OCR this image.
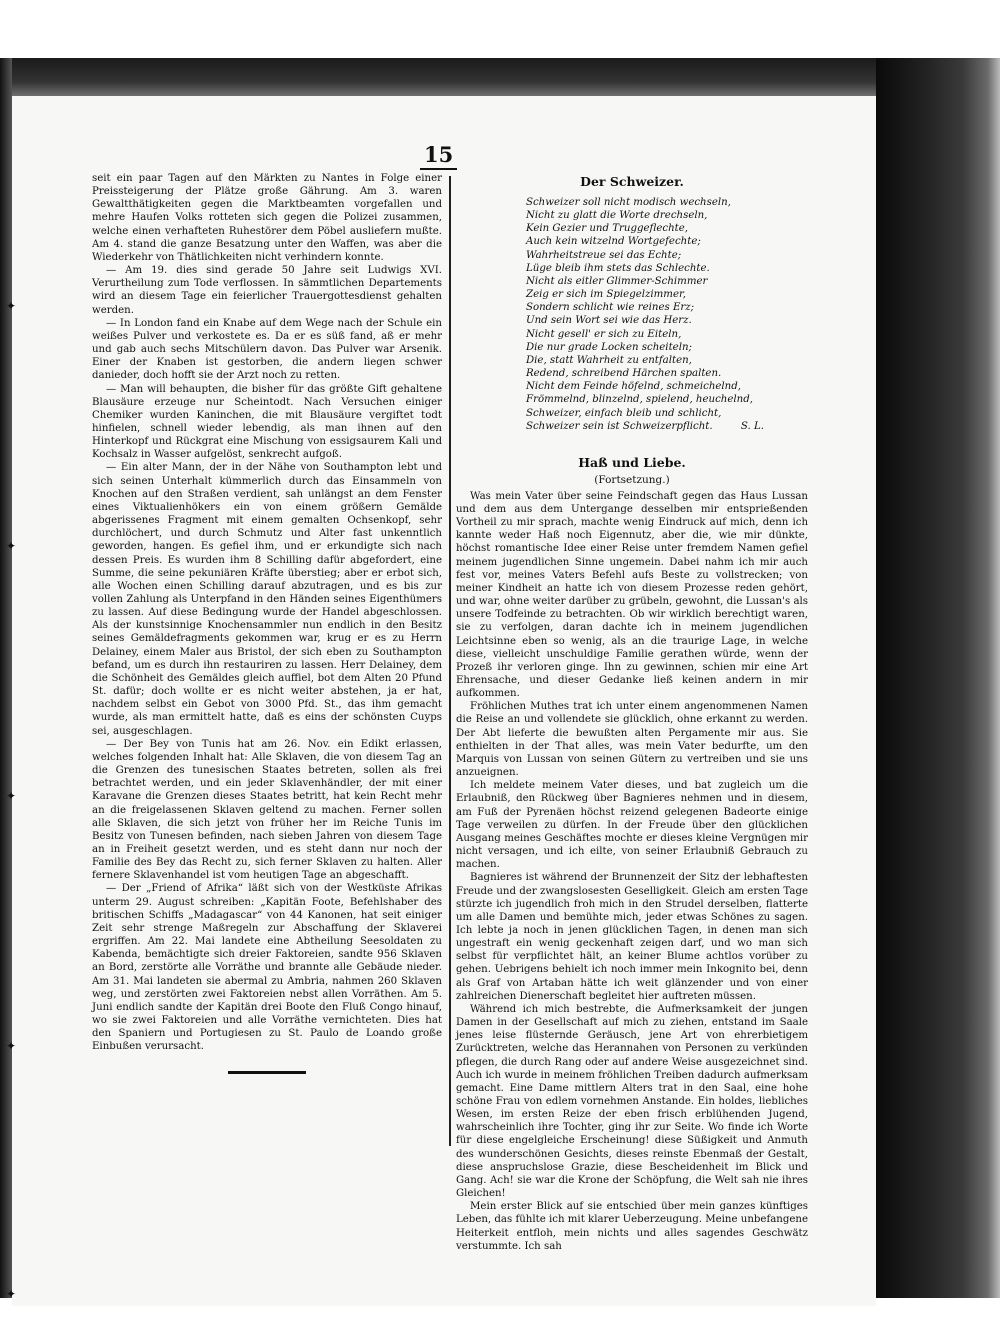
✦
✦
✦
✦
✦
15

seit ein paar Tagen auf den Märkten zu Nantes in Folge einer Preissteigerung der Plätze große Gährung. Am 3. waren Gewaltthätigkeiten gegen die Marktbeamten vorgefallen und mehre Haufen Volks rotteten sich gegen die Polizei zusammen, welche einen verhafteten Ruhestörer dem Pöbel ausliefern mußte. Am 4. stand die ganze Besatzung unter den Waffen, was aber die Wiederkehr von Thätlichkeiten nicht verhindern konnte.

— Am 19. dies sind gerade 50 Jahre seit Ludwigs XVI. Verurtheilung zum Tode verflossen. In sämmtlichen Departements wird an diesem Tage ein feierlicher Trauergottesdienst gehalten werden.

— In London fand ein Knabe auf dem Wege nach der Schule ein weißes Pulver und verkostete es. Da er es süß fand, aß er mehr und gab auch sechs Mitschülern davon. Das Pulver war Arsenik. Einer der Knaben ist gestorben, die andern liegen schwer danieder, doch hofft sie der Arzt noch zu retten.

— Man will behaupten, die bisher für das größte Gift gehaltene Blausäure erzeuge nur Scheintodt. Nach Versuchen einiger Chemiker wurden Kaninchen, die mit Blausäure vergiftet todt hinfielen, schnell wieder lebendig, als man ihnen auf den Hinterkopf und Rückgrat eine Mischung von essigsaurem Kali und Kochsalz in Wasser aufgelöst, senkrecht aufgoß.

— Ein alter Mann, der in der Nähe von Southampton lebt und sich seinen Unterhalt kümmerlich durch das Einsammeln von Knochen auf den Straßen verdient, sah unlängst an dem Fenster eines Viktualienhökers ein von einem größern Gemälde abgerissenes Fragment mit einem gemalten Ochsenkopf, sehr durchlöchert, und durch Schmutz und Alter fast unkenntlich geworden, hangen. Es gefiel ihm, und er erkundigte sich nach dessen Preis. Es wurden ihm 8 Schilling dafür abgefordert, eine Summe, die seine pekuniären Kräfte überstieg; aber er erbot sich, alle Wochen einen Schilling darauf abzutragen, und es bis zur vollen Zahlung als Unterpfand in den Händen seines Eigenthümers zu lassen. Auf diese Bedingung wurde der Handel abgeschlossen. Als der kunstsinnige Knochensammler nun endlich in den Besitz seines Gemäldefragments gekommen war, krug er es zu Herrn Delainey, einem Maler aus Bristol, der sich eben zu Southampton befand, um es durch ihn restauriren zu lassen. Herr Delainey, dem die Schönheit des Gemäldes gleich auffiel, bot dem Alten 20 Pfund St. dafür; doch wollte er es nicht weiter abstehen, ja er hat, nachdem selbst ein Gebot von 3000 Pfd. St., das ihm gemacht wurde, als man ermittelt hatte, daß es eins der schönsten Cuyps sei, ausgeschlagen.

— Der Bey von Tunis hat am 26. Nov. ein Edikt erlassen, welches folgenden Inhalt hat: Alle Sklaven, die von diesem Tag an die Grenzen des tunesischen Staates betreten, sollen als frei betrachtet werden, und ein jeder Sklavenhändler, der mit einer Karavane die Grenzen dieses Staates betritt, hat kein Recht mehr an die freigelassenen Sklaven geltend zu machen. Ferner sollen alle Sklaven, die sich jetzt von früher her im Reiche Tunis im Besitz von Tunesen befinden, nach sieben Jahren von diesem Tage an in Freiheit gesetzt werden, und es steht dann nur noch der Familie des Bey das Recht zu, sich ferner Sklaven zu halten. Aller fernere Sklavenhandel ist vom heutigen Tage an abgeschafft.

— Der „Friend of Afrika“ läßt sich von der Westküste Afrikas unterm 29. August schreiben: „Kapitän Foote, Befehlshaber des britischen Schiffs „Madagascar“ von 44 Kanonen, hat seit einiger Zeit sehr strenge Maßregeln zur Abschaffung der Sklaverei ergriffen. Am 22. Mai landete eine Abtheilung Seesoldaten zu Kabenda, bemächtigte sich dreier Faktoreien, sandte 956 Sklaven an Bord, zerstörte alle Vorräthe und brannte alle Gebäude nieder. Am 31. Mai landeten sie abermal zu Ambria, nahmen 260 Sklaven weg, und zerstörten zwei Faktoreien nebst allen Vorräthen. Am 5. Juni endlich sandte der Kapitän drei Boote den Fluß Congo hinauf, wo sie zwei Faktoreien und alle Vorräthe vernichteten. Dies hat den Spaniern und Portugiesen zu St. Paulo de Loando große Einbußen verursacht.

Der Schweizer.
Schweizer soll nicht modisch wechseln,
Nicht zu glatt die Worte drechseln,
Kein Gezier und Truggeflechte,
Auch kein witzelnd Wortgefechte;
Wahrheitstreue sei das Echte;
Lüge bleib ihm stets das Schlechte.
Nicht als eitler Glimmer-Schimmer
Zeig er sich im Spiegelzimmer,
Sondern schlicht wie reines Erz;
Und sein Wort sei wie das Herz.
Nicht gesell' er sich zu Eiteln,
Die nur grade Locken scheiteln;
Die, statt Wahrheit zu entfalten,
Redend, schreibend Härchen spalten.
Nicht dem Feinde höfelnd, schmeichelnd,
Frömmelnd, blinzelnd, spielend, heuchelnd,
Schweizer, einfach bleib und schlicht,
Schweizer sein ist Schweizerpflicht.	S. L.
Haß und Liebe.
(Fortsetzung.)

Was mein Vater über seine Feindschaft gegen das Haus Lussan und dem aus dem Untergange desselben mir entsprießenden Vortheil zu mir sprach, machte wenig Eindruck auf mich, denn ich kannte weder Haß noch Eigennutz, aber die, wie mir dünkte, höchst romantische Idee einer Reise unter fremdem Namen gefiel meinem jugendlichen Sinne ungemein. Dabei nahm ich mir auch fest vor, meines Vaters Befehl aufs Beste zu vollstrecken; von meiner Kindheit an hatte ich von diesem Prozesse reden gehört, und war, ohne weiter darüber zu grübeln, gewohnt, die Lussan's als unsere Todfeinde zu betrachten. Ob wir wirklich berechtigt waren, sie zu verfolgen, daran dachte ich in meinem jugendlichen Leichtsinne eben so wenig, als an die traurige Lage, in welche diese, vielleicht unschuldige Familie gerathen würde, wenn der Prozeß ihr verloren ginge. Ihn zu gewinnen, schien mir eine Art Ehrensache, und dieser Gedanke ließ keinen andern in mir aufkommen.

Fröhlichen Muthes trat ich unter einem angenommenen Namen die Reise an und vollendete sie glücklich, ohne erkannt zu werden. Der Abt lieferte die bewußten alten Pergamente mir aus. Sie enthielten in der That alles, was mein Vater bedurfte, um den Marquis von Lussan von seinen Gütern zu vertreiben und sie uns anzueignen.

Ich meldete meinem Vater dieses, und bat zugleich um die Erlaubniß, den Rückweg über Bagnieres nehmen und in diesem, am Fuß der Pyrenäen höchst reizend gelegenen Badeorte einige Tage verweilen zu dürfen. In der Freude über den glücklichen Ausgang meines Geschäftes mochte er dieses kleine Vergnügen mir nicht versagen, und ich eilte, von seiner Erlaubniß Gebrauch zu machen.

Bagnieres ist während der Brunnenzeit der Sitz der lebhaftesten Freude und der zwangslosesten Geselligkeit. Gleich am ersten Tage stürzte ich jugendlich froh mich in den Strudel derselben, flatterte um alle Damen und bemühte mich, jeder etwas Schönes zu sagen. Ich lebte ja noch in jenen glücklichen Tagen, in denen man sich ungestraft ein wenig geckenhaft zeigen darf, und wo man sich selbst für verpflichtet hält, an keiner Blume achtlos vorüber zu gehen. Uebrigens behielt ich noch immer mein Inkognito bei, denn als Graf von Artaban hätte ich weit glänzender und von einer zahlreichen Dienerschaft begleitet hier auftreten müssen.

Während ich mich bestrebte, die Aufmerksamkeit der jungen Damen in der Gesellschaft auf mich zu ziehen, entstand im Saale jenes leise flüsternde Geräusch, jene Art von ehrerbietigem Zurücktreten, welche das Herannahen von Personen zu verkünden pflegen, die durch Rang oder auf andere Weise ausgezeichnet sind. Auch ich wurde in meinem fröhlichen Treiben dadurch aufmerksam gemacht. Eine Dame mittlern Alters trat in den Saal, eine hohe schöne Frau von edlem vornehmen Anstande. Ein holdes, liebliches Wesen, im ersten Reize der eben frisch erblühenden Jugend, wahrscheinlich ihre Tochter, ging ihr zur Seite. Wo finde ich Worte für diese engelgleiche Erscheinung! diese Süßigkeit und Anmuth des wunderschönen Gesichts, dieses reinste Ebenmaß der Gestalt, diese anspruchslose Grazie, diese Bescheidenheit im Blick und Gang. Ach! sie war die Krone der Schöpfung, die Welt sah nie ihres Gleichen!

Mein erster Blick auf sie entschied über mein ganzes künftiges Leben, das fühlte ich mit klarer Ueberzeugung. Meine unbefangene Heiterkeit entfloh, mein nichts und alles sagendes Geschwätz verstummte. Ich sah
